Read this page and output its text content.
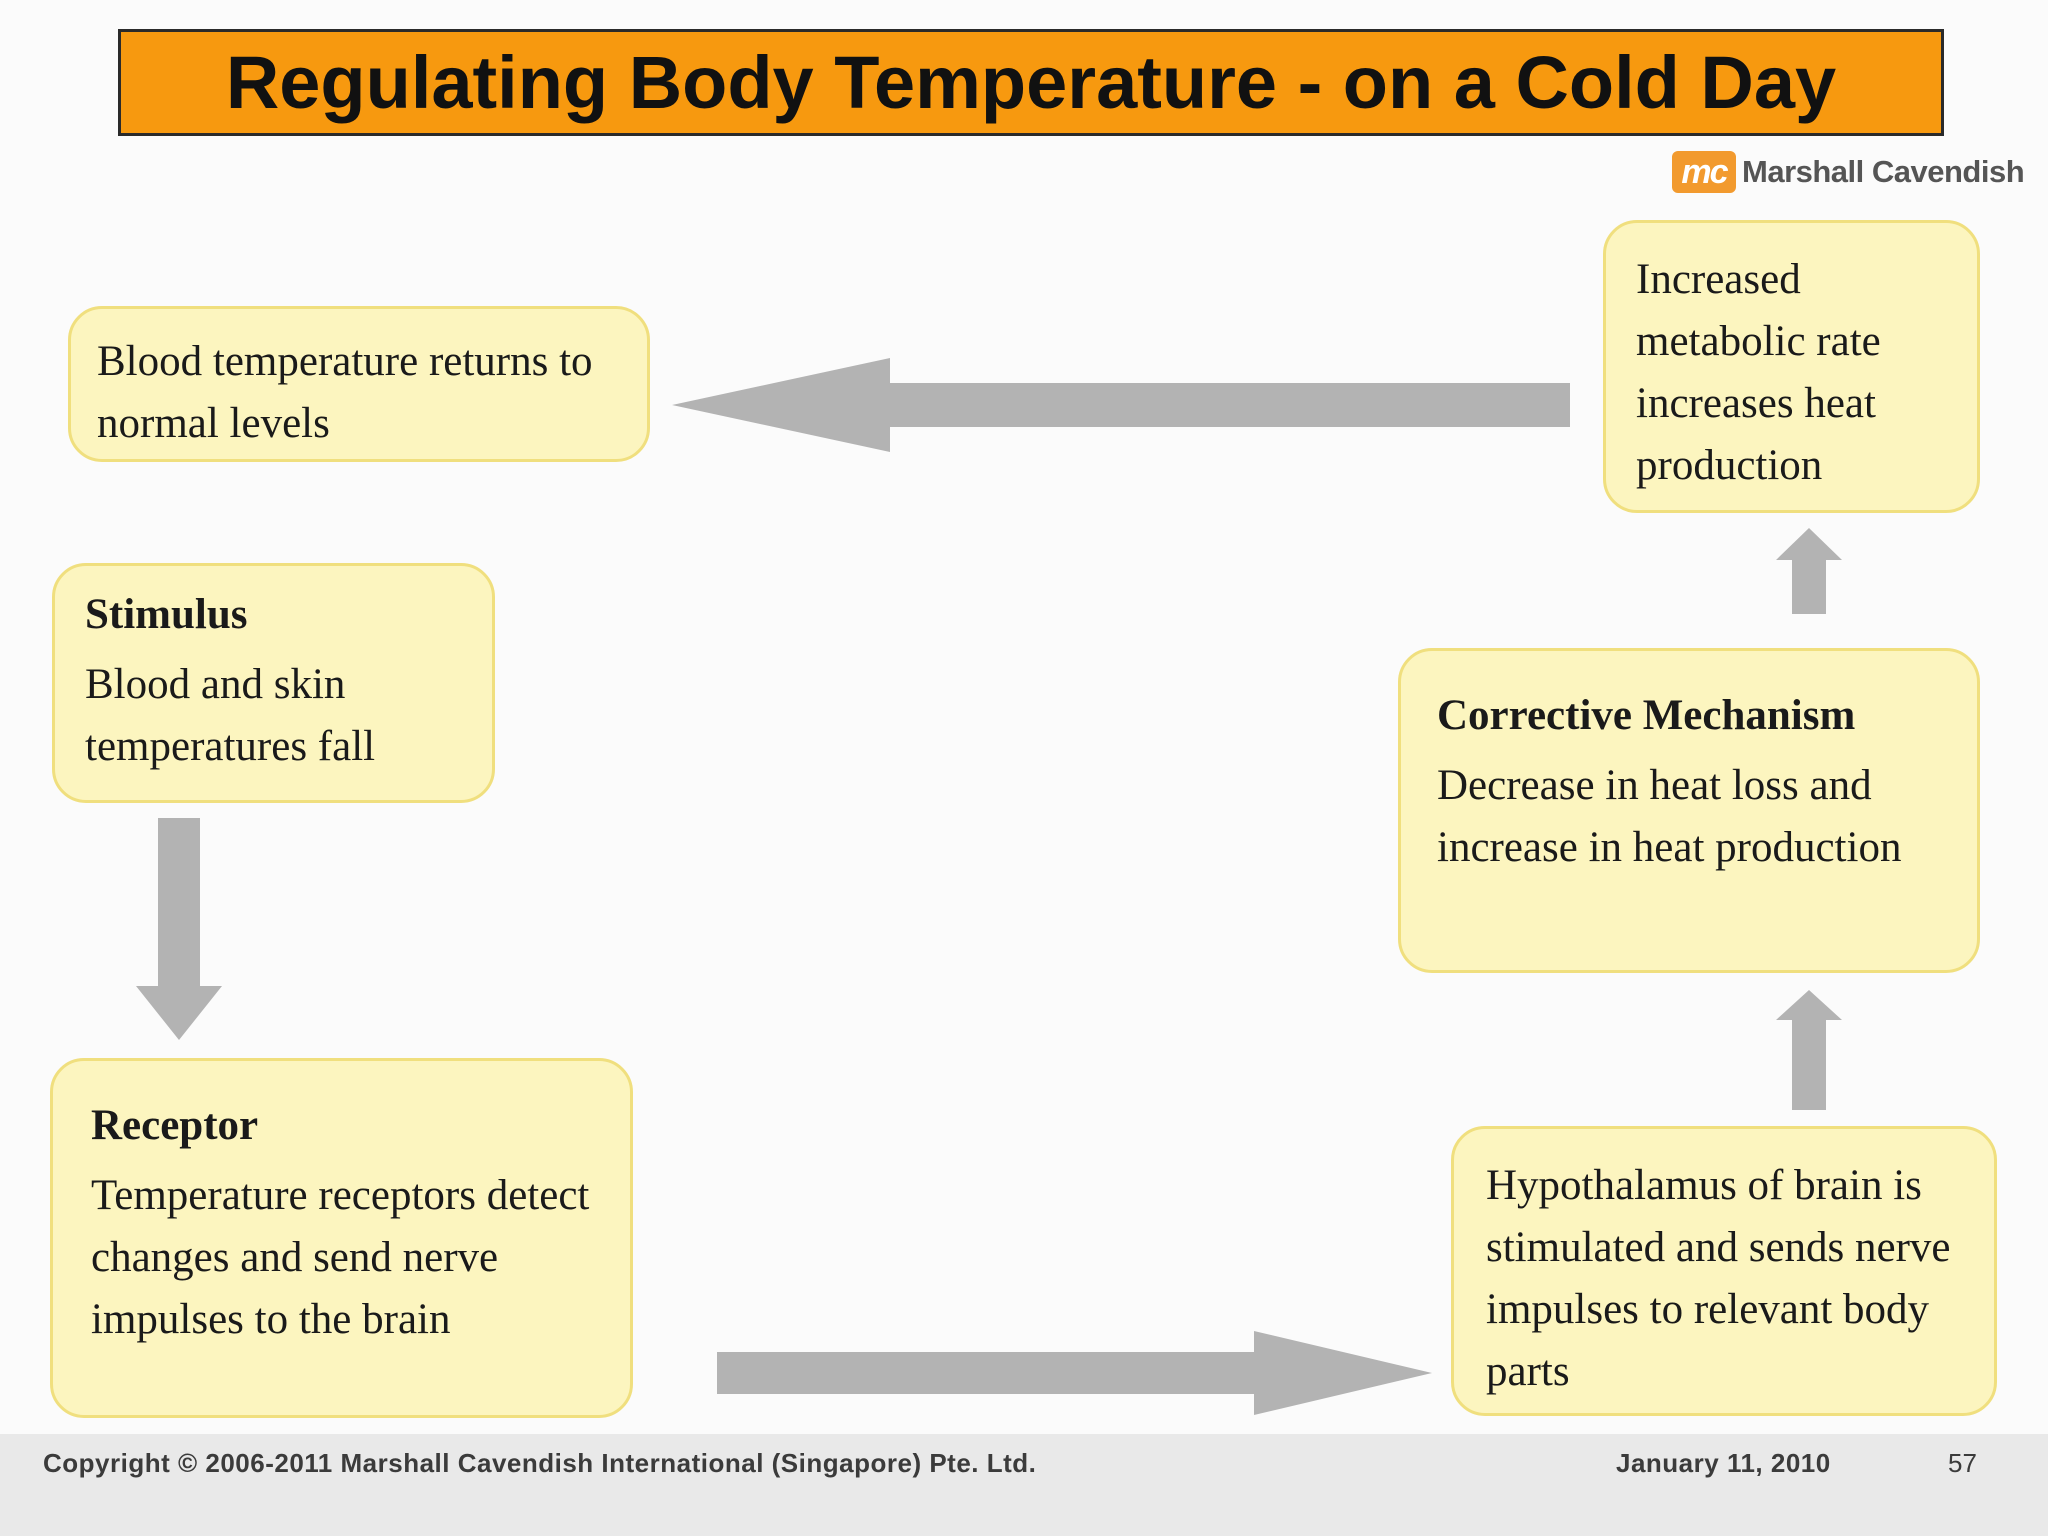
Regulating Body Temperature - on a Cold Day
mc Marshall Cavendish
Blood temperature returns to normal levels
Increased metabolic rate increases heat production
Stimulus
Blood and skin temperatures fall
Corrective Mechanism
Decrease in heat loss and increase in heat production
Receptor
Temperature receptors detect changes and send nerve impulses to the brain
Hypothalamus of brain is stimulated and sends nerve impulses to relevant body parts
Copyright © 2006-2011 Marshall Cavendish International (Singapore) Pte. Ltd.	January 11, 2010	57
